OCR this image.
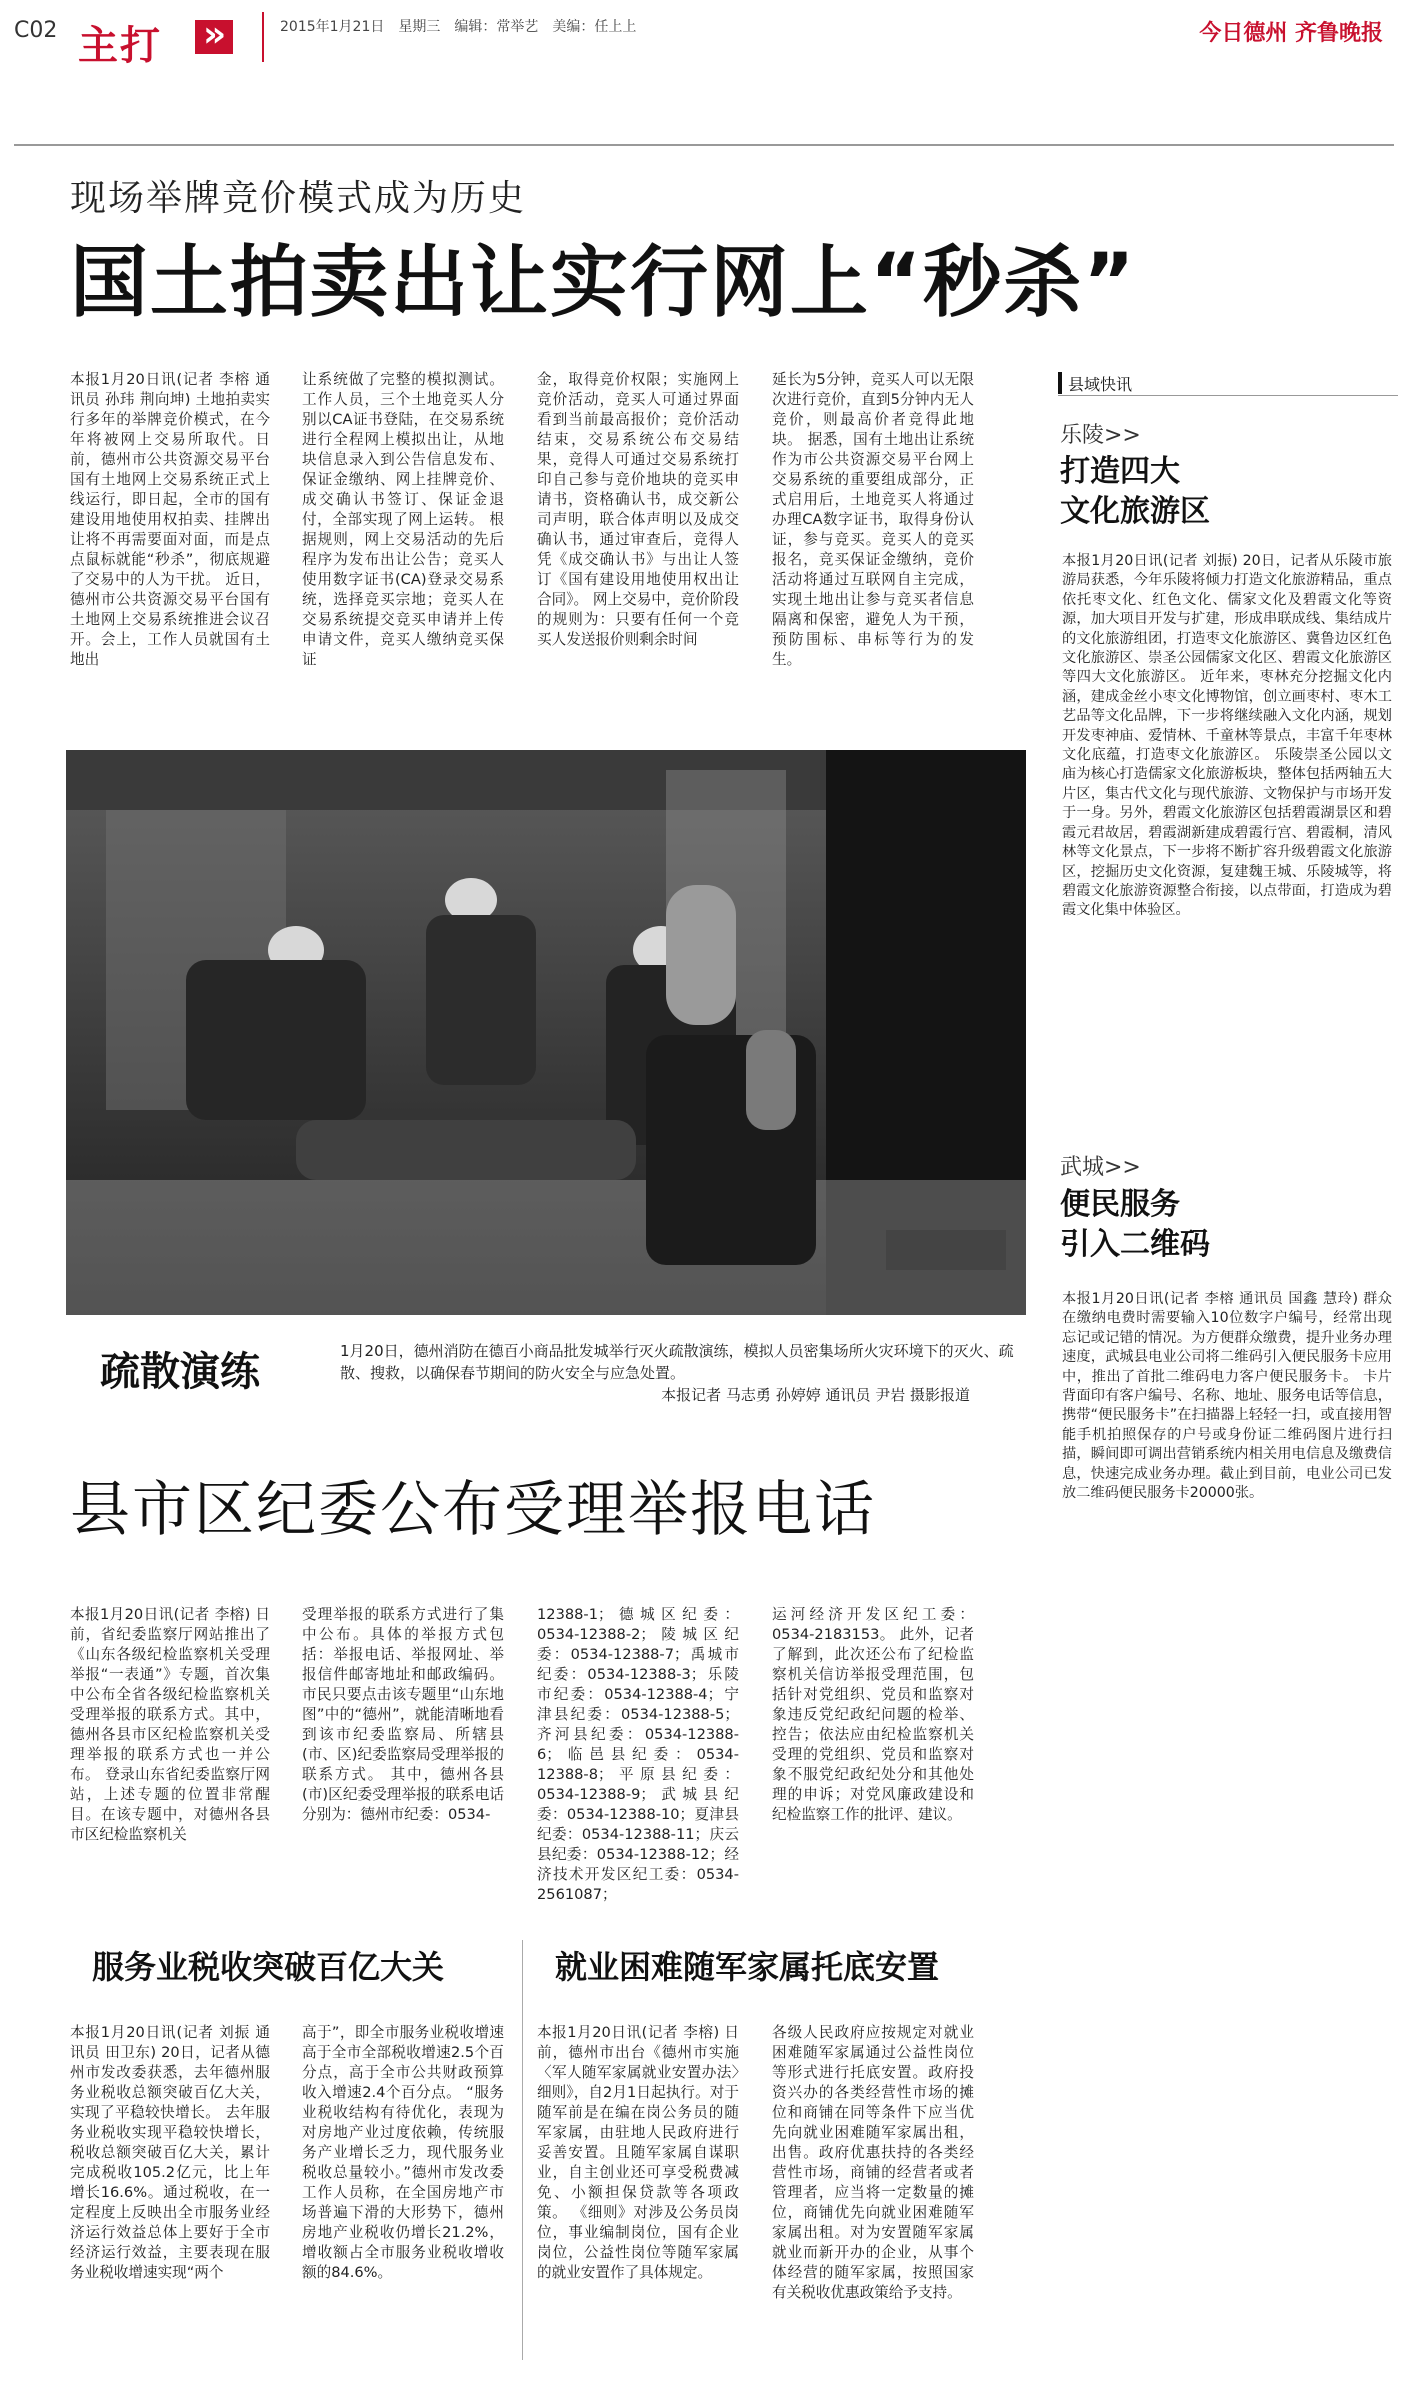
C02 主打
»	2015年1月21日　星期三　编辑：常举艺　美编：任上上	今日德州 齐鲁晚报
现场举牌竞价模式成为历史
国土拍卖出让实行网上“秒杀”
本报1月20日讯(记者 李榕 通讯员 孙玮 荆向坤) 土地拍卖实行多年的举牌竞价模式，在今年将被网上交易所取代。日前，德州市公共资源交易平台国有土地网上交易系统正式上线运行，即日起，全市的国有建设用地使用权拍卖、挂牌出让将不再需要面对面，而是点点鼠标就能“秒杀”，彻底规避了交易中的人为干扰。 近日，德州市公共资源交易平台国有土地网上交易系统推进会议召开。会上，工作人员就国有土地出
让系统做了完整的模拟测试。工作人员，三个土地竞买人分别以CA证书登陆，在交易系统进行全程网上模拟出让，从地块信息录入到公告信息发布、保证金缴纳、网上挂牌竞价、成交确认书签订、保证金退付，全部实现了网上运转。 根据规则，网上交易活动的先后程序为发布出让公告；竞买人使用数字证书(CA)登录交易系统，选择竞买宗地；竞买人在交易系统提交竞买申请并上传申请文件，竞买人缴纳竞买保证
金，取得竞价权限；实施网上竞价活动，竞买人可通过界面看到当前最高报价；竞价活动结束，交易系统公布交易结果，竞得人可通过交易系统打印自己参与竞价地块的竞买申请书，资格确认书，成交新公司声明，联合体声明以及成交确认书，通过审查后，竞得人凭《成交确认书》与出让人签订《国有建设用地使用权出让合同》。 网上交易中，竞价阶段的规则为：只要有任何一个竞买人发送报价则剩余时间
延长为5分钟，竞买人可以无限次进行竞价，直到5分钟内无人竞价，则最高价者竞得此地块。 据悉，国有土地出让系统作为市公共资源交易平台网上交易系统的重要组成部分，正式启用后，土地竞买人将通过办理CA数字证书，取得身份认证，参与竞买。竞买人的竞买报名，竞买保证金缴纳，竞价活动将通过互联网自主完成，实现土地出让参与竞买者信息隔离和保密，避免人为干预，预防围标、串标等行为的发生。
县域快讯
乐陵>>
打造四大
文化旅游区
本报1月20日讯(记者 刘振) 20日，记者从乐陵市旅游局获悉，今年乐陵将倾力打造文化旅游精品，重点依托枣文化、红色文化、儒家文化及碧霞文化等资源，加大项目开发与扩建，形成串联成线、集结成片的文化旅游组团，打造枣文化旅游区、冀鲁边区红色文化旅游区、崇圣公园儒家文化区、碧霞文化旅游区等四大文化旅游区。 近年来，枣林充分挖掘文化内涵，建成金丝小枣文化博物馆，创立画枣村、枣木工艺品等文化品牌，下一步将继续融入文化内涵，规划开发枣神庙、爱情林、千童林等景点，丰富千年枣林文化底蕴，打造枣文化旅游区。 乐陵崇圣公园以文庙为核心打造儒家文化旅游板块，整体包括两轴五大片区，集古代文化与现代旅游、文物保护与市场开发于一身。另外，碧霞文化旅游区包括碧霞湖景区和碧霞元君故居，碧霞湖新建成碧霞行宫、碧霞桐，清风林等文化景点，下一步将不断扩容升级碧霞文化旅游区，挖掘历史文化资源，复建魏王城、乐陵城等，将碧霞文化旅游资源整合衔接，以点带面，打造成为碧霞文化集中体验区。
武城>>
便民服务
引入二维码
本报1月20日讯(记者 李榕 通讯员 国鑫 慧玲) 群众在缴纳电费时需要输入10位数字户编号，经常出现忘记或记错的情况。为方便群众缴费，提升业务办理速度，武城县电业公司将二维码引入便民服务卡应用中，推出了首批二维码电力客户便民服务卡。 卡片背面印有客户编号、名称、地址、服务电话等信息，携带“便民服务卡”在扫描器上轻轻一扫，或直接用智能手机拍照保存的户号或身份证二维码图片进行扫描，瞬间即可调出营销系统内相关用电信息及缴费信息，快速完成业务办理。截止到目前，电业公司已发放二维码便民服务卡20000张。
疏散演练	1月20日，德州消防在德百小商品批发城举行灭火疏散演练，模拟人员密集场所火灾环境下的灭火、疏散、搜救，以确保春节期间的防火安全与应急处置。
本报记者 马志勇 孙婷婷 通讯员 尹岩 摄影报道
县市区纪委公布受理举报电话
本报1月20日讯(记者 李榕) 日前，省纪委监察厅网站推出了《山东各级纪检监察机关受理举报“一表通”》专题，首次集中公布全省各级纪检监察机关受理举报的联系方式。其中，德州各县市区纪检监察机关受理举报的联系方式也一并公布。 登录山东省纪委监察厅网站，上述专题的位置非常醒目。在该专题中，对德州各县市区纪检监察机关
受理举报的联系方式进行了集中公布。具体的举报方式包括：举报电话、举报网址、举报信件邮寄地址和邮政编码。市民只要点击该专题里“山东地图”中的“德州”，就能清晰地看到该市纪委监察局、所辖县(市、区)纪委监察局受理举报的联系方式。 其中，德州各县(市)区纪委受理举报的联系电话分别为：德州市纪委：0534-
12388-1；德城区纪委：0534-12388-2；陵城区纪委：0534-12388-7；禹城市纪委：0534-12388-3；乐陵市纪委：0534-12388-4；宁津县纪委：0534-12388-5；齐河县纪委：0534-12388-6；临邑县纪委：0534-12388-8；平原县纪委：0534-12388-9；武城县纪委：0534-12388-10；夏津县纪委：0534-12388-11；庆云县纪委：0534-12388-12；经济技术开发区纪工委：0534-2561087；
运河经济开发区纪工委：0534-2183153。 此外，记者了解到，此次还公布了纪检监察机关信访举报受理范围，包括针对党组织、党员和监察对象违反党纪政纪问题的检举、控告；依法应由纪检监察机关受理的党组织、党员和监察对象不服党纪政纪处分和其他处理的申诉；对党风廉政建设和纪检监察工作的批评、建议。
服务业税收突破百亿大关
本报1月20日讯(记者 刘振 通讯员 田卫东) 20日，记者从德州市发改委获悉，去年德州服务业税收总额突破百亿大关，实现了平稳较快增长。 去年服务业税收实现平稳较快增长，税收总额突破百亿大关，累计完成税收105.2亿元，比上年增长16.6%。通过税收，在一定程度上反映出全市服务业经济运行效益总体上要好于全市经济运行效益，主要表现在服务业税收增速实现“两个
高于”，即全市服务业税收增速高于全市全部税收增速2.5个百分点，高于全市公共财政预算收入增速2.4个百分点。 “服务业税收结构有待优化，表现为对房地产业过度依赖，传统服务产业增长乏力，现代服务业税收总量较小。”德州市发改委工作人员称，在全国房地产市场普遍下滑的大形势下，德州房地产业税收仍增长21.2%，增收额占全市服务业税收增收额的84.6%。
就业困难随军家属托底安置
本报1月20日讯(记者 李榕) 日前，德州市出台《德州市实施〈军人随军家属就业安置办法〉细则》，自2月1日起执行。对于随军前是在编在岗公务员的随军家属，由驻地人民政府进行妥善安置。且随军家属自谋职业，自主创业还可享受税费减免、小额担保贷款等各项政策。 《细则》对涉及公务员岗位，事业编制岗位，国有企业岗位，公益性岗位等随军家属的就业安置作了具体规定。
各级人民政府应按规定对就业困难随军家属通过公益性岗位等形式进行托底安置。政府投资兴办的各类经营性市场的摊位和商铺在同等条件下应当优先向就业困难随军家属出租，出售。政府优惠扶持的各类经营性市场，商铺的经营者或者管理者，应当将一定数量的摊位，商铺优先向就业困难随军家属出租。对为安置随军家属就业而新开办的企业，从事个体经营的随军家属，按照国家有关税收优惠政策给予支持。
